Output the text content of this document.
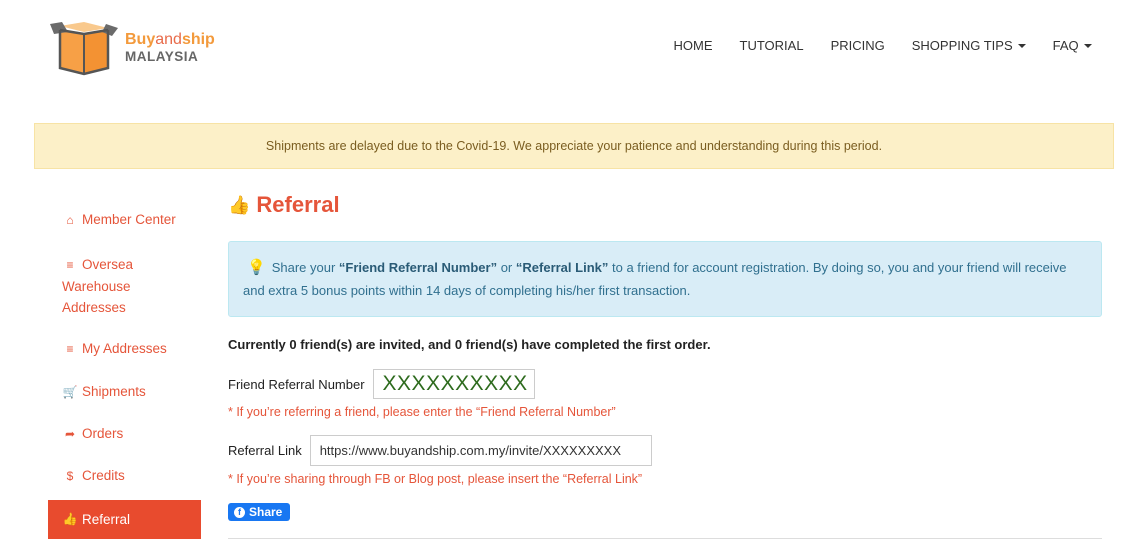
Buyandship
MALAYSIA
HOME TUTORIAL PRICING SHOPPING TIPS	FAQ
Shipments are delayed due to the Covid-19. We appreciate your patience and understanding during this period.
⌂ Member Center
≡ Oversea Warehouse Addresses
≡ My Addresses
🛒 Shipments
➦ Orders
$ Credits
👍 Referral
👍 Referral
💡 Share your “Friend Referral Number” or “Referral Link” to a friend for account registration. By doing so, you and your friend will receive and extra 5 bonus points within 14 days of completing his/her first transaction.
Currently 0 friend(s) are invited, and 0 friend(s) have completed the first order.
Friend Referral Number XXXXXXXXXX
* If you’re referring a friend, please enter the “Friend Referral Number”
Referral Link
https://www.buyandship.com.my/invite/XXXXXXXXX
* If you’re sharing through FB or Blog post, please insert the “Referral Link”
f Share
